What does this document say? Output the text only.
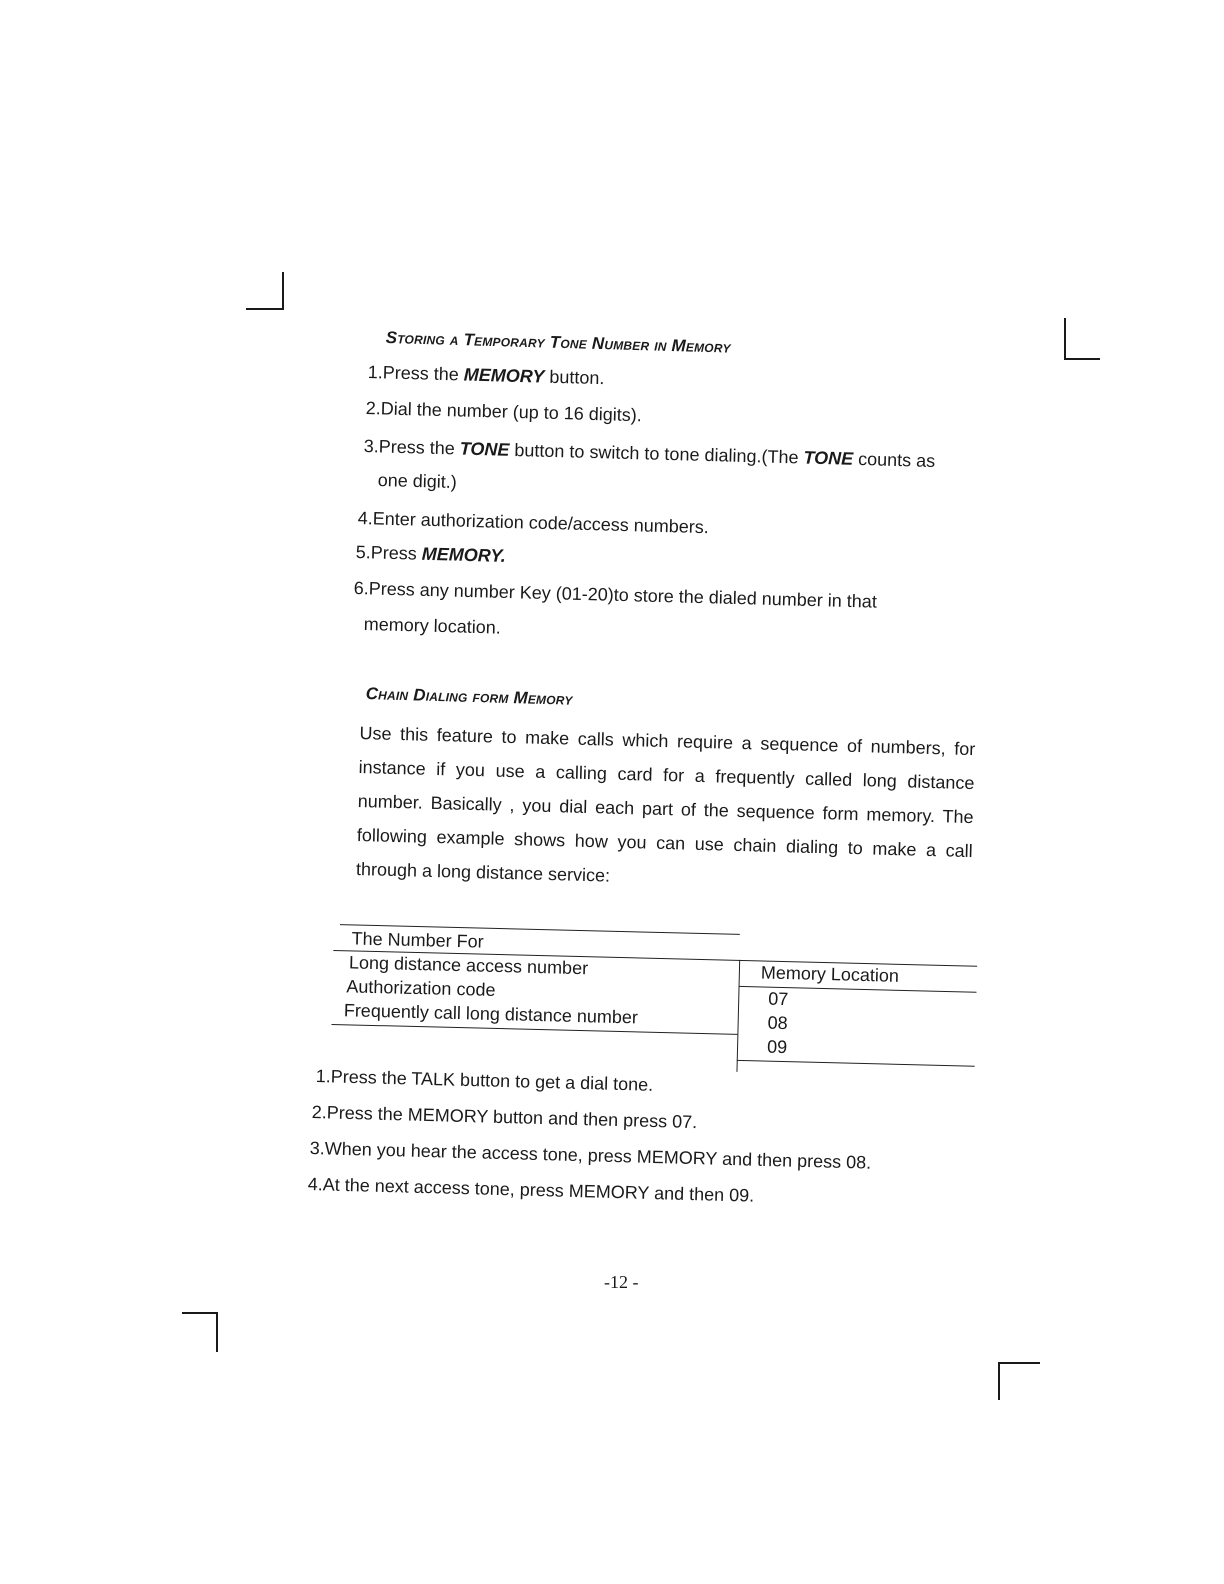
Storing a Temporary Tone Number in Memory
1.Press the MEMORY button.
2.Dial the number (up to 16 digits).
3.Press the TONE button to switch to tone dialing.(The TONE counts as
one digit.)
4.Enter authorization code/access numbers.
5.Press MEMORY.
6.Press any number Key (01-20)to store the dialed number in that
memory location.
Chain Dialing form Memory
Use this feature to make calls which require a sequence of numbers, for instance if you use a calling card for a frequently called long distance number. Basically , you dial each part of the sequence form memory. The following example shows how you can use chain dialing to make a call through a long distance service:
The Number For
Memory Location
Long distance access number
Authorization code
Frequently call long distance number
07
08
09
1.Press the TALK button to get a dial tone.
2.Press the MEMORY button and then press 07.
3.When you hear the access tone, press MEMORY and then press 08.
4.At the next access tone, press MEMORY and then 09.
-12 -
